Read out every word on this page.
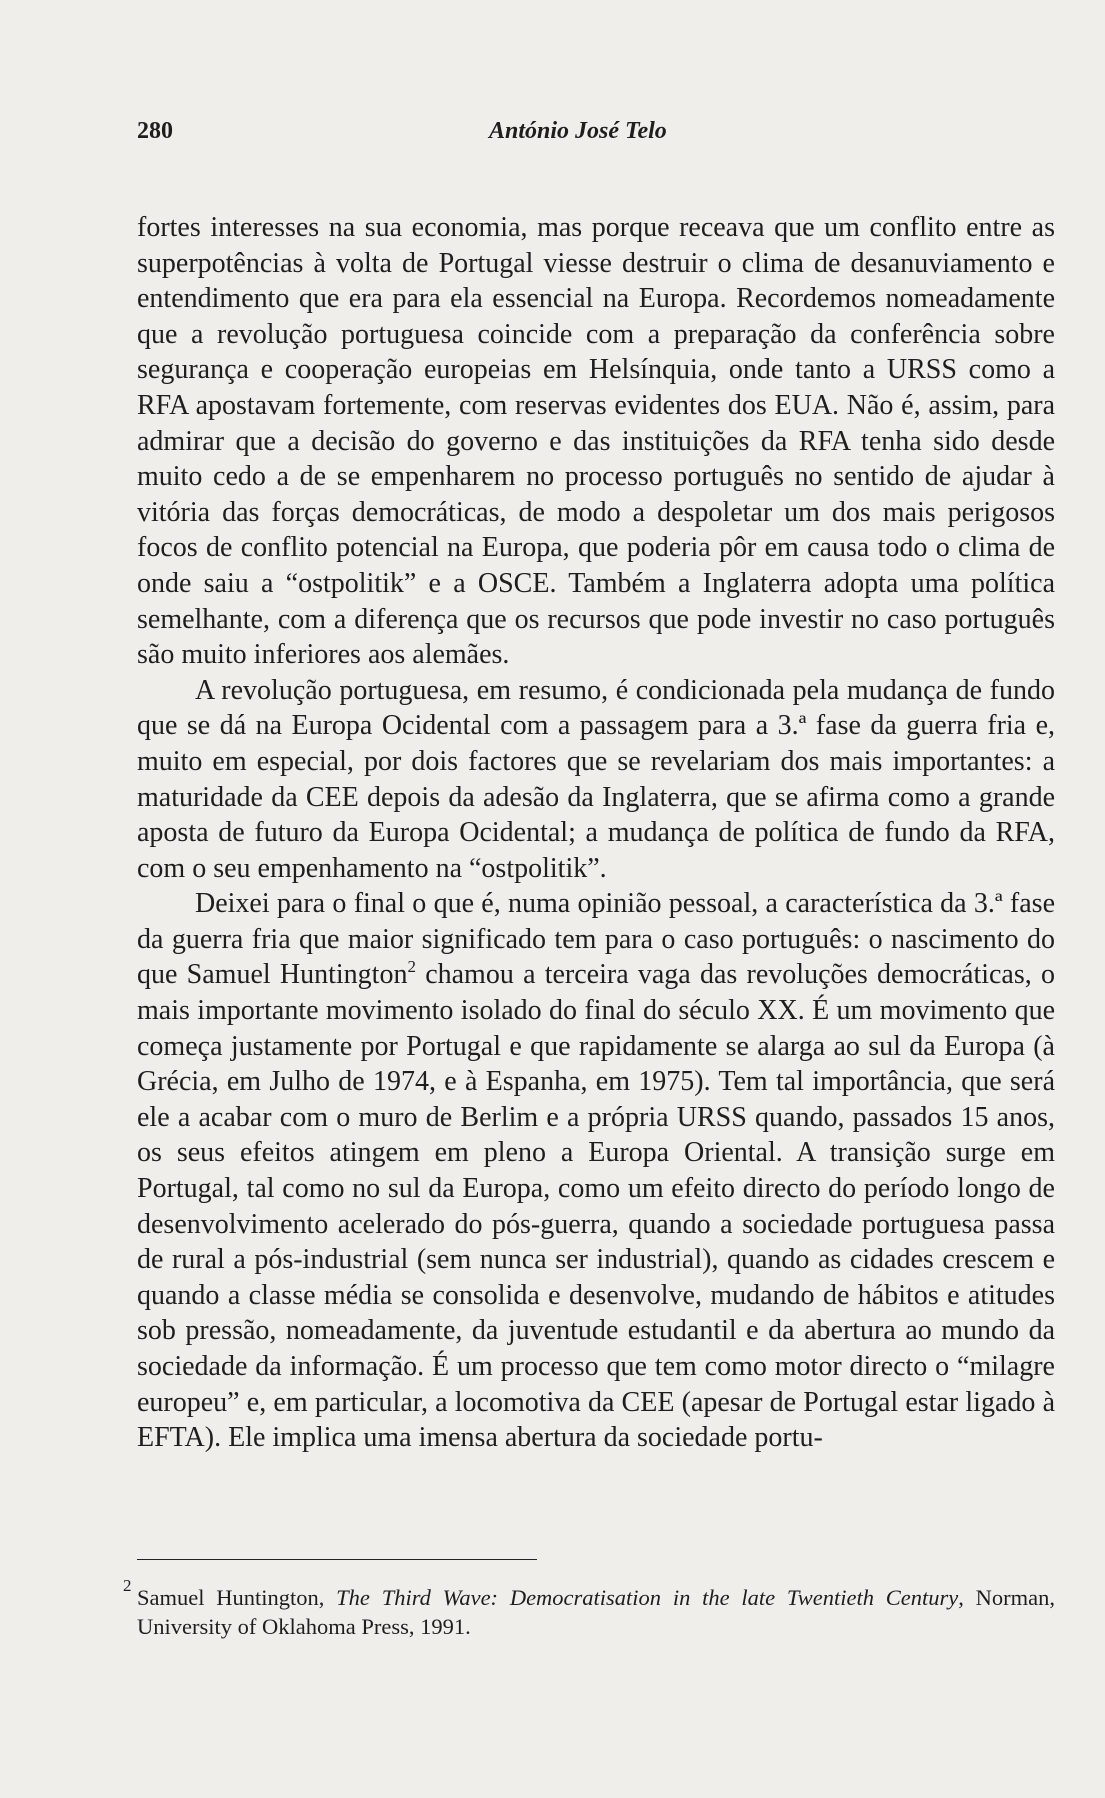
280	António José Telo

fortes interesses na sua economia, mas porque receava que um conflito entre as superpotências à volta de Portugal viesse destruir o clima de desanuviamento e entendimento que era para ela essencial na Europa. Recordemos nomeadamente que a revolução portuguesa coincide com a preparação da conferência sobre segurança e cooperação europeias em Helsínquia, onde tanto a URSS como a RFA apostavam fortemente, com reservas evidentes dos EUA. Não é, assim, para admirar que a decisão do governo e das instituições da RFA tenha sido desde muito cedo a de se empenharem no processo português no sentido de ajudar à vitória das forças democráticas, de modo a despoletar um dos mais perigosos focos de conflito potencial na Europa, que poderia pôr em causa todo o clima de onde saiu a “ostpolitik” e a OSCE. Também a Inglaterra adopta uma política semelhante, com a diferença que os recursos que pode investir no caso português são muito inferiores aos alemães.

A revolução portuguesa, em resumo, é condicionada pela mudança de fundo que se dá na Europa Ocidental com a passagem para a 3.ª fase da guerra fria e, muito em especial, por dois factores que se revelariam dos mais importantes: a maturidade da CEE depois da adesão da Inglaterra, que se afirma como a grande aposta de futuro da Europa Ocidental; a mudança de política de fundo da RFA, com o seu empenhamento na “ostpolitik”.

Deixei para o final o que é, numa opinião pessoal, a característica da 3.ª fase da guerra fria que maior significado tem para o caso português: o nascimento do que Samuel Huntington$^2$ chamou a terceira vaga das revoluções democráticas, o mais importante movimento isolado do final do século XX. É um movimento que começa justamente por Portugal e que rapidamente se alarga ao sul da Europa (à Grécia, em Julho de 1974, e à Espanha, em 1975). Tem tal importância, que será ele a acabar com o muro de Berlim e a própria URSS quando, passados 15 anos, os seus efeitos atingem em pleno a Europa Oriental. A transição surge em Portugal, tal como no sul da Europa, como um efeito directo do período longo de desenvolvimento acelerado do pós-guerra, quando a sociedade portuguesa passa de rural a pós-industrial (sem nunca ser industrial), quando as cidades crescem e quando a classe média se consolida e desenvolve, mudando de hábitos e atitudes sob pressão, nomeadamente, da juventude estudantil e da abertura ao mundo da sociedade da informação. É um processo que tem como motor directo o “milagre europeu” e, em particular, a locomotiva da CEE (apesar de Portugal estar ligado à EFTA). Ele implica uma imensa abertura da sociedade portu-

2 Samuel Huntington, The Third Wave: Democratisation in the late Twentieth Century, Norman, University of Oklahoma Press, 1991.
